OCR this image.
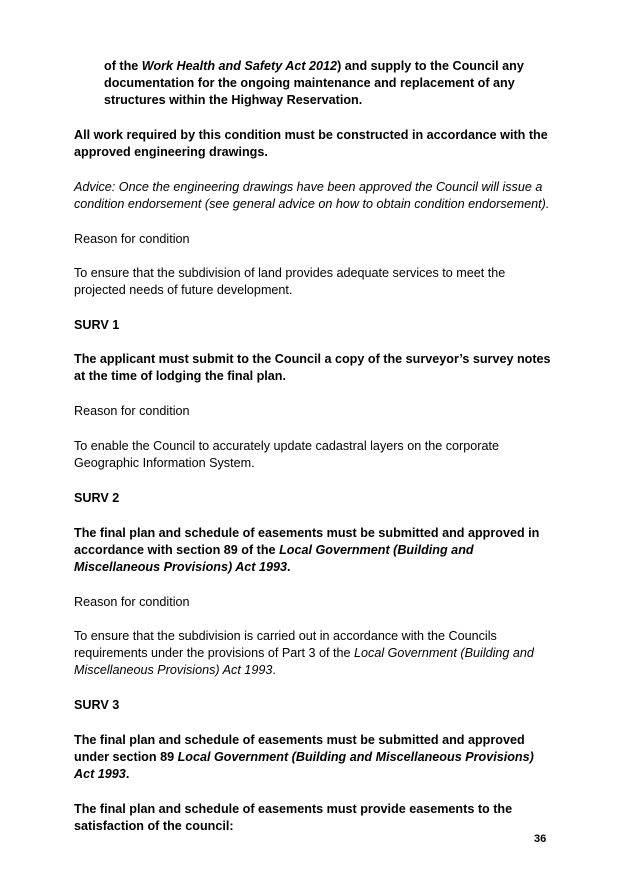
of the Work Health and Safety Act 2012) and supply to the Council any documentation for the ongoing maintenance and replacement of any structures within the Highway Reservation.
All work required by this condition must be constructed in accordance with the approved engineering drawings.
Advice: Once the engineering drawings have been approved the Council will issue a condition endorsement (see general advice on how to obtain condition endorsement).
Reason for condition
To ensure that the subdivision of land provides adequate services to meet the projected needs of future development.
SURV 1
The applicant must submit to the Council a copy of the surveyor’s survey notes at the time of lodging the final plan.
Reason for condition
To enable the Council to accurately update cadastral layers on the corporate Geographic Information System.
SURV 2
The final plan and schedule of easements must be submitted and approved in accordance with section 89 of the Local Government (Building and Miscellaneous Provisions) Act 1993.
Reason for condition
To ensure that the subdivision is carried out in accordance with the Councils requirements under the provisions of Part 3 of the Local Government (Building and Miscellaneous Provisions) Act 1993.
SURV 3
The final plan and schedule of easements must be submitted and approved under section 89 Local Government (Building and Miscellaneous Provisions) Act 1993.
The final plan and schedule of easements must provide easements to the satisfaction of the council:
36
